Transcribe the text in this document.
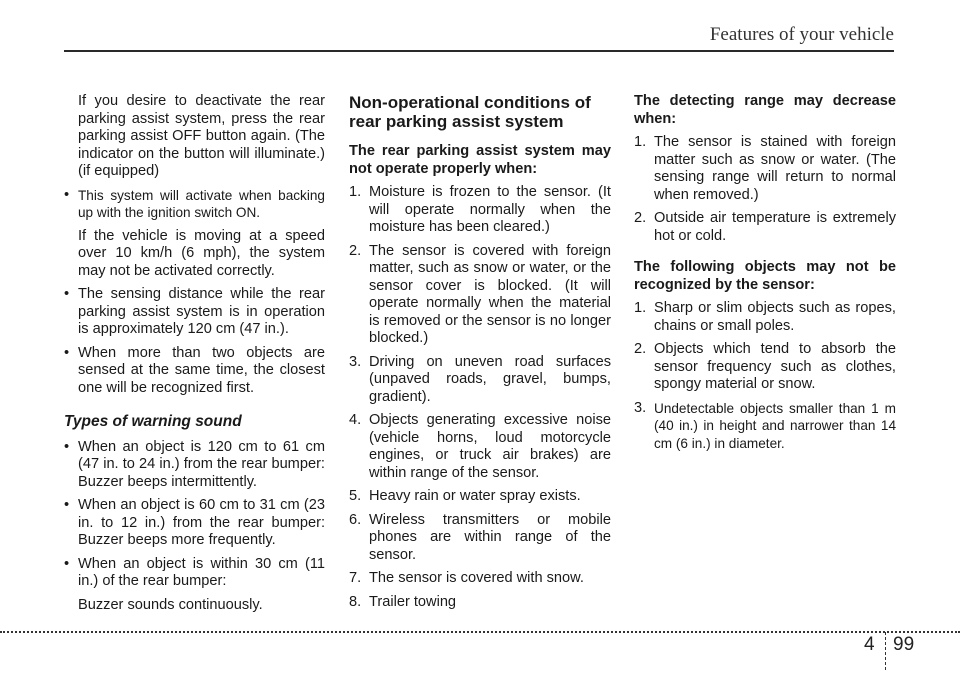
Features of your vehicle
If you desire to deactivate the rear parking assist system, press the rear parking assist OFF button again. (The indicator on the button will illuminate.) (if equipped)
• This system will activate when backing up with the ignition switch ON.
If the vehicle is moving at a speed over 10 km/h (6 mph), the system may not be activated correctly.
• The sensing distance while the rear parking assist system is in operation is approximately 120 cm (47 in.).
• When more than two objects are sensed at the same time, the closest one will be recognized first.
Types of warning sound
• When an object is 120 cm to 61 cm (47 in. to 24 in.) from the rear bumper: Buzzer beeps intermittently.
• When an object is 60 cm to 31 cm (23 in. to 12 in.) from the rear bumper: Buzzer beeps more frequently.
• When an object is within 30 cm (11 in.) of the rear bumper:
Buzzer sounds continuously.
Non-operational conditions of rear parking assist system
The rear parking assist system may not operate properly when:
1. Moisture is frozen to the sensor. (It will operate normally when the moisture has been cleared.)
2. The sensor is covered with foreign matter, such as snow or water, or the sensor cover is blocked. (It will operate normally when the material is removed or the sensor is no longer blocked.)
3. Driving on uneven road surfaces (unpaved roads, gravel, bumps, gradient).
4. Objects generating excessive noise (vehicle horns, loud motorcycle engines, or truck air brakes) are within range of the sensor.
5. Heavy rain or water spray exists.
6. Wireless transmitters or mobile phones are within range of the sensor.
7. The sensor is covered with snow.
8. Trailer towing
The detecting range may decrease when:
1. The sensor is stained with foreign matter such as snow or water. (The sensing range will return to normal when removed.)
2. Outside air temperature is extremely hot or cold.
The following objects may not be recognized by the sensor:
1. Sharp or slim objects such as ropes, chains or small poles.
2. Objects which tend to absorb the sensor frequency such as clothes, spongy material or snow.
3. Undetectable objects smaller than 1 m (40 in.) in height and narrower than 14 cm (6 in.) in diameter.
4 99
